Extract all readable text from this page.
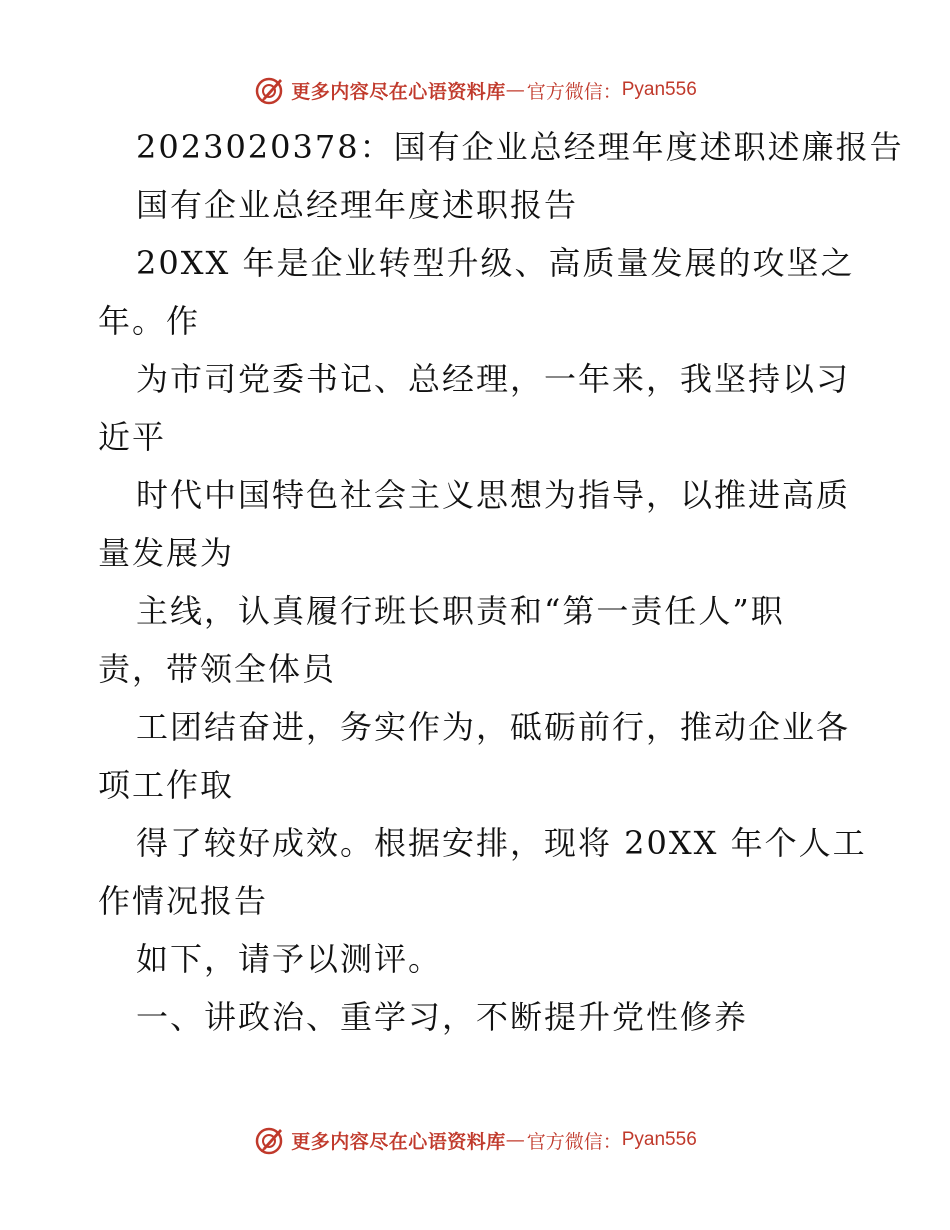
更多内容尽在心语资料库 — 官方微信： Pyan556
2023020378：国有企业总经理年度述职述廉报告
国有企业总经理年度述职报告
20XX 年是企业转型升级、高质量发展的攻坚之
年。作
为市司党委书记、总经理，一年来，我坚持以习
近平
时代中国特色社会主义思想为指导，以推进高质
量发展为
主线，认真履行班长职责和“第一责任人”职
责，带领全体员
工团结奋进，务实作为，砥砺前行，推动企业各
项工作取
得了较好成效。根据安排，现将 20XX 年个人工
作情况报告
如下，请予以测评。
一、讲政治、重学习，不断提升党性修养
更多内容尽在心语资料库 — 官方微信： Pyan556
